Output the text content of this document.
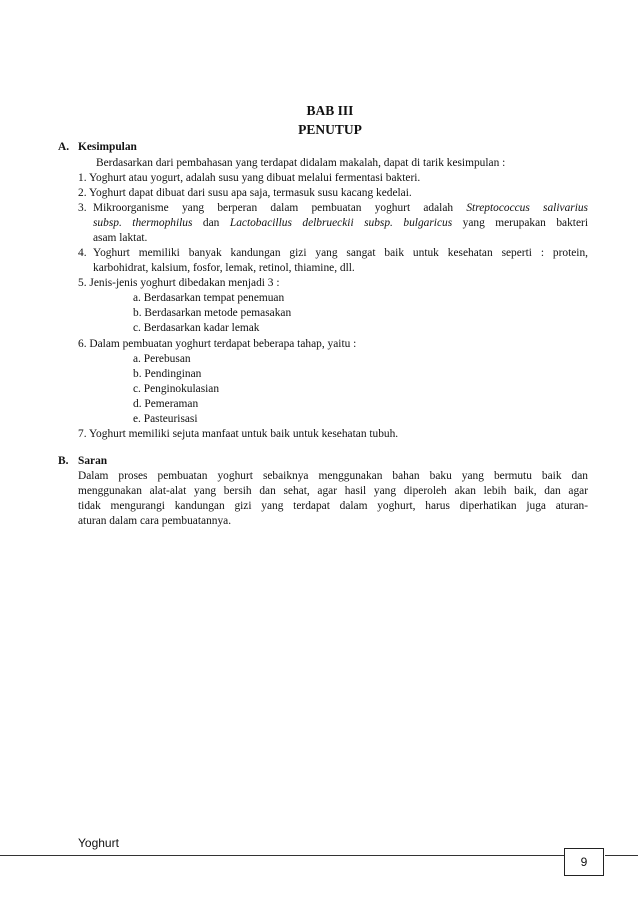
BAB III
PENUTUP
A. Kesimpulan
Berdasarkan dari pembahasan yang terdapat didalam makalah, dapat di tarik kesimpulan :
1. Yoghurt atau yogurt, adalah susu yang dibuat melalui fermentasi bakteri.
2. Yoghurt dapat dibuat dari susu apa saja, termasuk susu kacang kedelai.
3. Mikroorganisme yang berperan dalam pembuatan yoghurt adalah Streptococcus salivarius
subsp. thermophilus dan Lactobacillus delbrueckii subsp. bulgaricus yang merupakan bakteri
asam laktat.
4. Yoghurt memiliki banyak kandungan gizi yang sangat baik untuk kesehatan seperti : protein,
karbohidrat, kalsium, fosfor, lemak, retinol, thiamine, dll.
5. Jenis-jenis yoghurt dibedakan menjadi 3 :
a. Berdasarkan tempat penemuan
b. Berdasarkan metode pemasakan
c. Berdasarkan kadar lemak
6. Dalam pembuatan yoghurt terdapat beberapa tahap, yaitu :
a. Perebusan
b. Pendinginan
c. Penginokulasian
d. Pemeraman
e. Pasteurisasi
7. Yoghurt memiliki sejuta manfaat untuk baik untuk kesehatan tubuh.
B. Saran
Dalam proses pembuatan yoghurt sebaiknya menggunakan bahan baku yang bermutu baik dan
menggunakan alat-alat yang bersih dan sehat, agar hasil yang diperoleh akan lebih baik, dan agar
tidak mengurangi kandungan gizi yang terdapat dalam yoghurt, harus diperhatikan juga aturan-
aturan dalam cara pembuatannya.
Yoghurt
9
